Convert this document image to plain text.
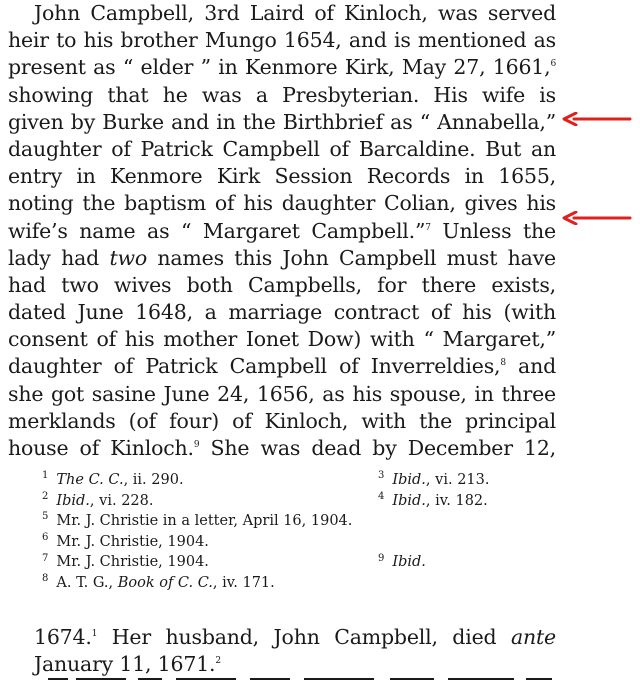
John Campbell, 3rd Laird of Kinloch, was served
heir to his brother Mungo 1654, and is mentioned as
present as “ elder ” in Kenmore Kirk, May 27, 1661,$^6$
showing that he was a Presbyterian. His wife is
given by Burke and in the Birthbrief as “ Annabella,”
daughter of Patrick Campbell of Barcaldine. But an
entry in Kenmore Kirk Session Records in 1655,
noting the baptism of his daughter Colian, gives his
wife’s name as “ Margaret Campbell.”$^7$ Unless the
lady had two names this John Campbell must have
had two wives both Campbells, for there exists,
dated June 1648, a marriage contract of his (with
consent of his mother Ionet Dow) with “ Margaret,”
daughter of Patrick Campbell of Inverreldies,$^8$ and
she got sasine June 24, 1656, as his spouse, in three
merklands (of four) of Kinloch, with the principal
house of Kinloch.$^9$ She was dead by December 12,
$^1$ The C. C., ii. 290.	$^3$ Ibid., vi. 213.
$^2$ Ibid., vi. 228.	$^4$ Ibid., iv. 182.
$^5$ Mr. J. Christie in a letter, April 16, 1904.
$^6$ Mr. J. Christie, 1904.
$^7$ Mr. J. Christie, 1904.	$^9$ Ibid.
$^8$ A. T. G., Book of C. C., iv. 171.
1674.$^1$ Her husband, John Campbell, died ante
January 11, 1671.$^2$
